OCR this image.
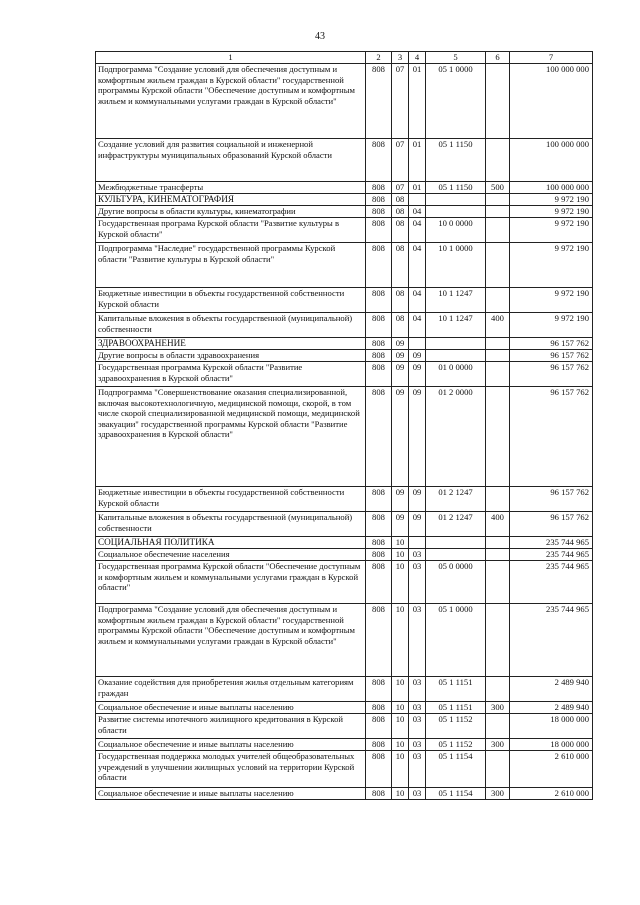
43
1	2	3	4	5	6	7
Подпрограмма "Создание условий для обеспечения доступным и комфортным жильем граждан в Курской области" государственной программы Курской области "Обеспечение доступным и комфортным жильем и коммунальными услугами граждан в Курской области"	808	07	01	05 1 0000		100 000 000
Создание условий для развития социальной и инженерной инфраструктуры муниципальных образований Курской области	808	07	01	05 1 1150		100 000 000
Межбюджетные трансферты	808	07	01	05 1 1150	500	100 000 000
КУЛЬТУРА, КИНЕМАТОГРАФИЯ	808	08				9 972 190
Другие вопросы в области культуры, кинематографии	808	08	04			9 972 190
Государственная програма Курской области "Развитие культуры в Курской области"	808	08	04	10 0 0000		9 972 190
Подпрограмма "Наследие" государственной программы Курской области "Развитие культуры в Курской области"	808	08	04	10 1 0000		9 972 190
Бюджетные инвестиции в объекты государственной собственности Курской области	808	08	04	10 1 1247		9 972 190
Капитальные вложения в объекты государственной (муниципальной) собственности	808	08	04	10 1 1247	400	9 972 190
ЗДРАВООХРАНЕНИЕ	808	09				96 157 762
Другие вопросы в области здравоохранения	808	09	09			96 157 762
Государственная программа Курской области "Развитие здравоохранения в Курской области"	808	09	09	01 0 0000		96 157 762
Подпрограмма "Совершенствование оказания специализированной, включая высокотехнологичную, медицинской помощи, скорой, в том числе скорой специализированной медицинской помощи, медицинской эвакуации" государственной программы Курской области "Развитие здравоохранения в Курской области"	808	09	09	01 2 0000		96 157 762
Бюджетные инвестиции в объекты государственной собственности Курской области	808	09	09	01 2 1247		96 157 762
Капитальные вложения в объекты государственной (муниципальной) собственности	808	09	09	01 2 1247	400	96 157 762
СОЦИАЛЬНАЯ ПОЛИТИКА	808	10				235 744 965
Социальное обеспечение населения	808	10	03			235 744 965
Государственная программа Курской области "Обеспечение доступным и комфортным жильем и коммунальными услугами граждан в Курской области"	808	10	03	05 0 0000		235 744 965
Подпрограмма "Создание условий для обеспечения доступным и комфортным жильем граждан в Курской области" государственной программы Курской области "Обеспечение доступным и комфортным жильем и коммунальными услугами граждан в Курской области"	808	10	03	05 1 0000		235 744 965
Оказание содействия для приобретения жилья отдельным категориям граждан	808	10	03	05 1 1151		2 489 940
Социальное обеспечение и иные выплаты населению	808	10	03	05 1 1151	300	2 489 940
Развитие системы ипотечного жилищного кредитования в Курской области	808	10	03	05 1 1152		18 000 000
Социальное обеспечение и иные выплаты населению	808	10	03	05 1 1152	300	18 000 000
Государственная поддержка молодых учителей общеобразовательных учреждений в улучшении жилищных условий на территории Курской области	808	10	03	05 1 1154		2 610 000
Социальное обеспечение и иные выплаты населению	808	10	03	05 1 1154	300	2 610 000
